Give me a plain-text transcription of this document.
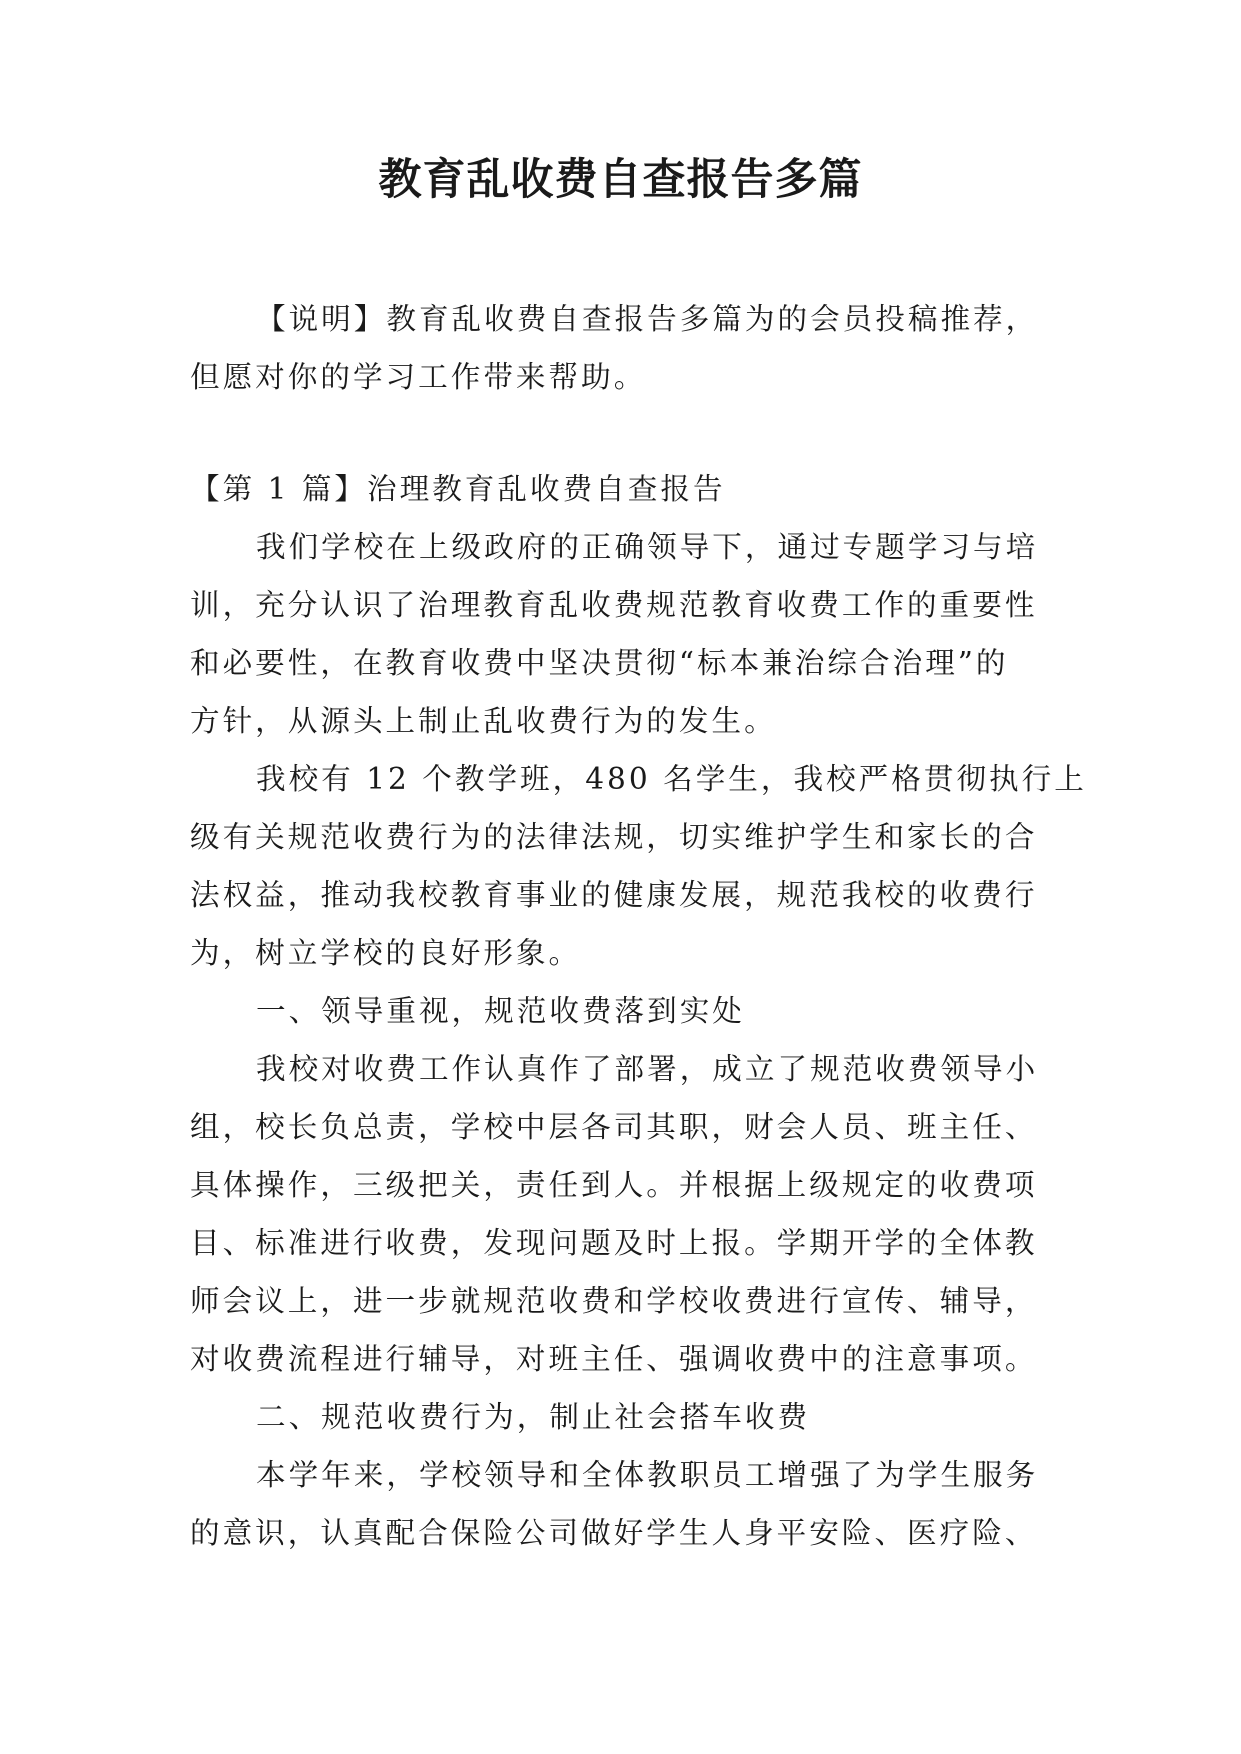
教育乱收费自查报告多篇
【说明】教育乱收费自查报告多篇为的会员投稿推荐，
但愿对你的学习工作带来帮助。
【第 1 篇】治理教育乱收费自查报告
我们学校在上级政府的正确领导下，通过专题学习与培
训，充分认识了治理教育乱收费规范教育收费工作的重要性
和必要性，在教育收费中坚决贯彻“标本兼治综合治理”的
方针，从源头上制止乱收费行为的发生。
我校有 12 个教学班，480 名学生，我校严格贯彻执行上
级有关规范收费行为的法律法规，切实维护学生和家长的合
法权益，推动我校教育事业的健康发展，规范我校的收费行
为，树立学校的良好形象。
一、领导重视，规范收费落到实处
我校对收费工作认真作了部署，成立了规范收费领导小
组，校长负总责，学校中层各司其职，财会人员、班主任、
具体操作，三级把关，责任到人。并根据上级规定的收费项
目、标准进行收费，发现问题及时上报。学期开学的全体教
师会议上，进一步就规范收费和学校收费进行宣传、辅导，
对收费流程进行辅导，对班主任、强调收费中的注意事项。
二、规范收费行为，制止社会搭车收费
本学年来，学校领导和全体教职员工增强了为学生服务
的意识，认真配合保险公司做好学生人身平安险、医疗险、
